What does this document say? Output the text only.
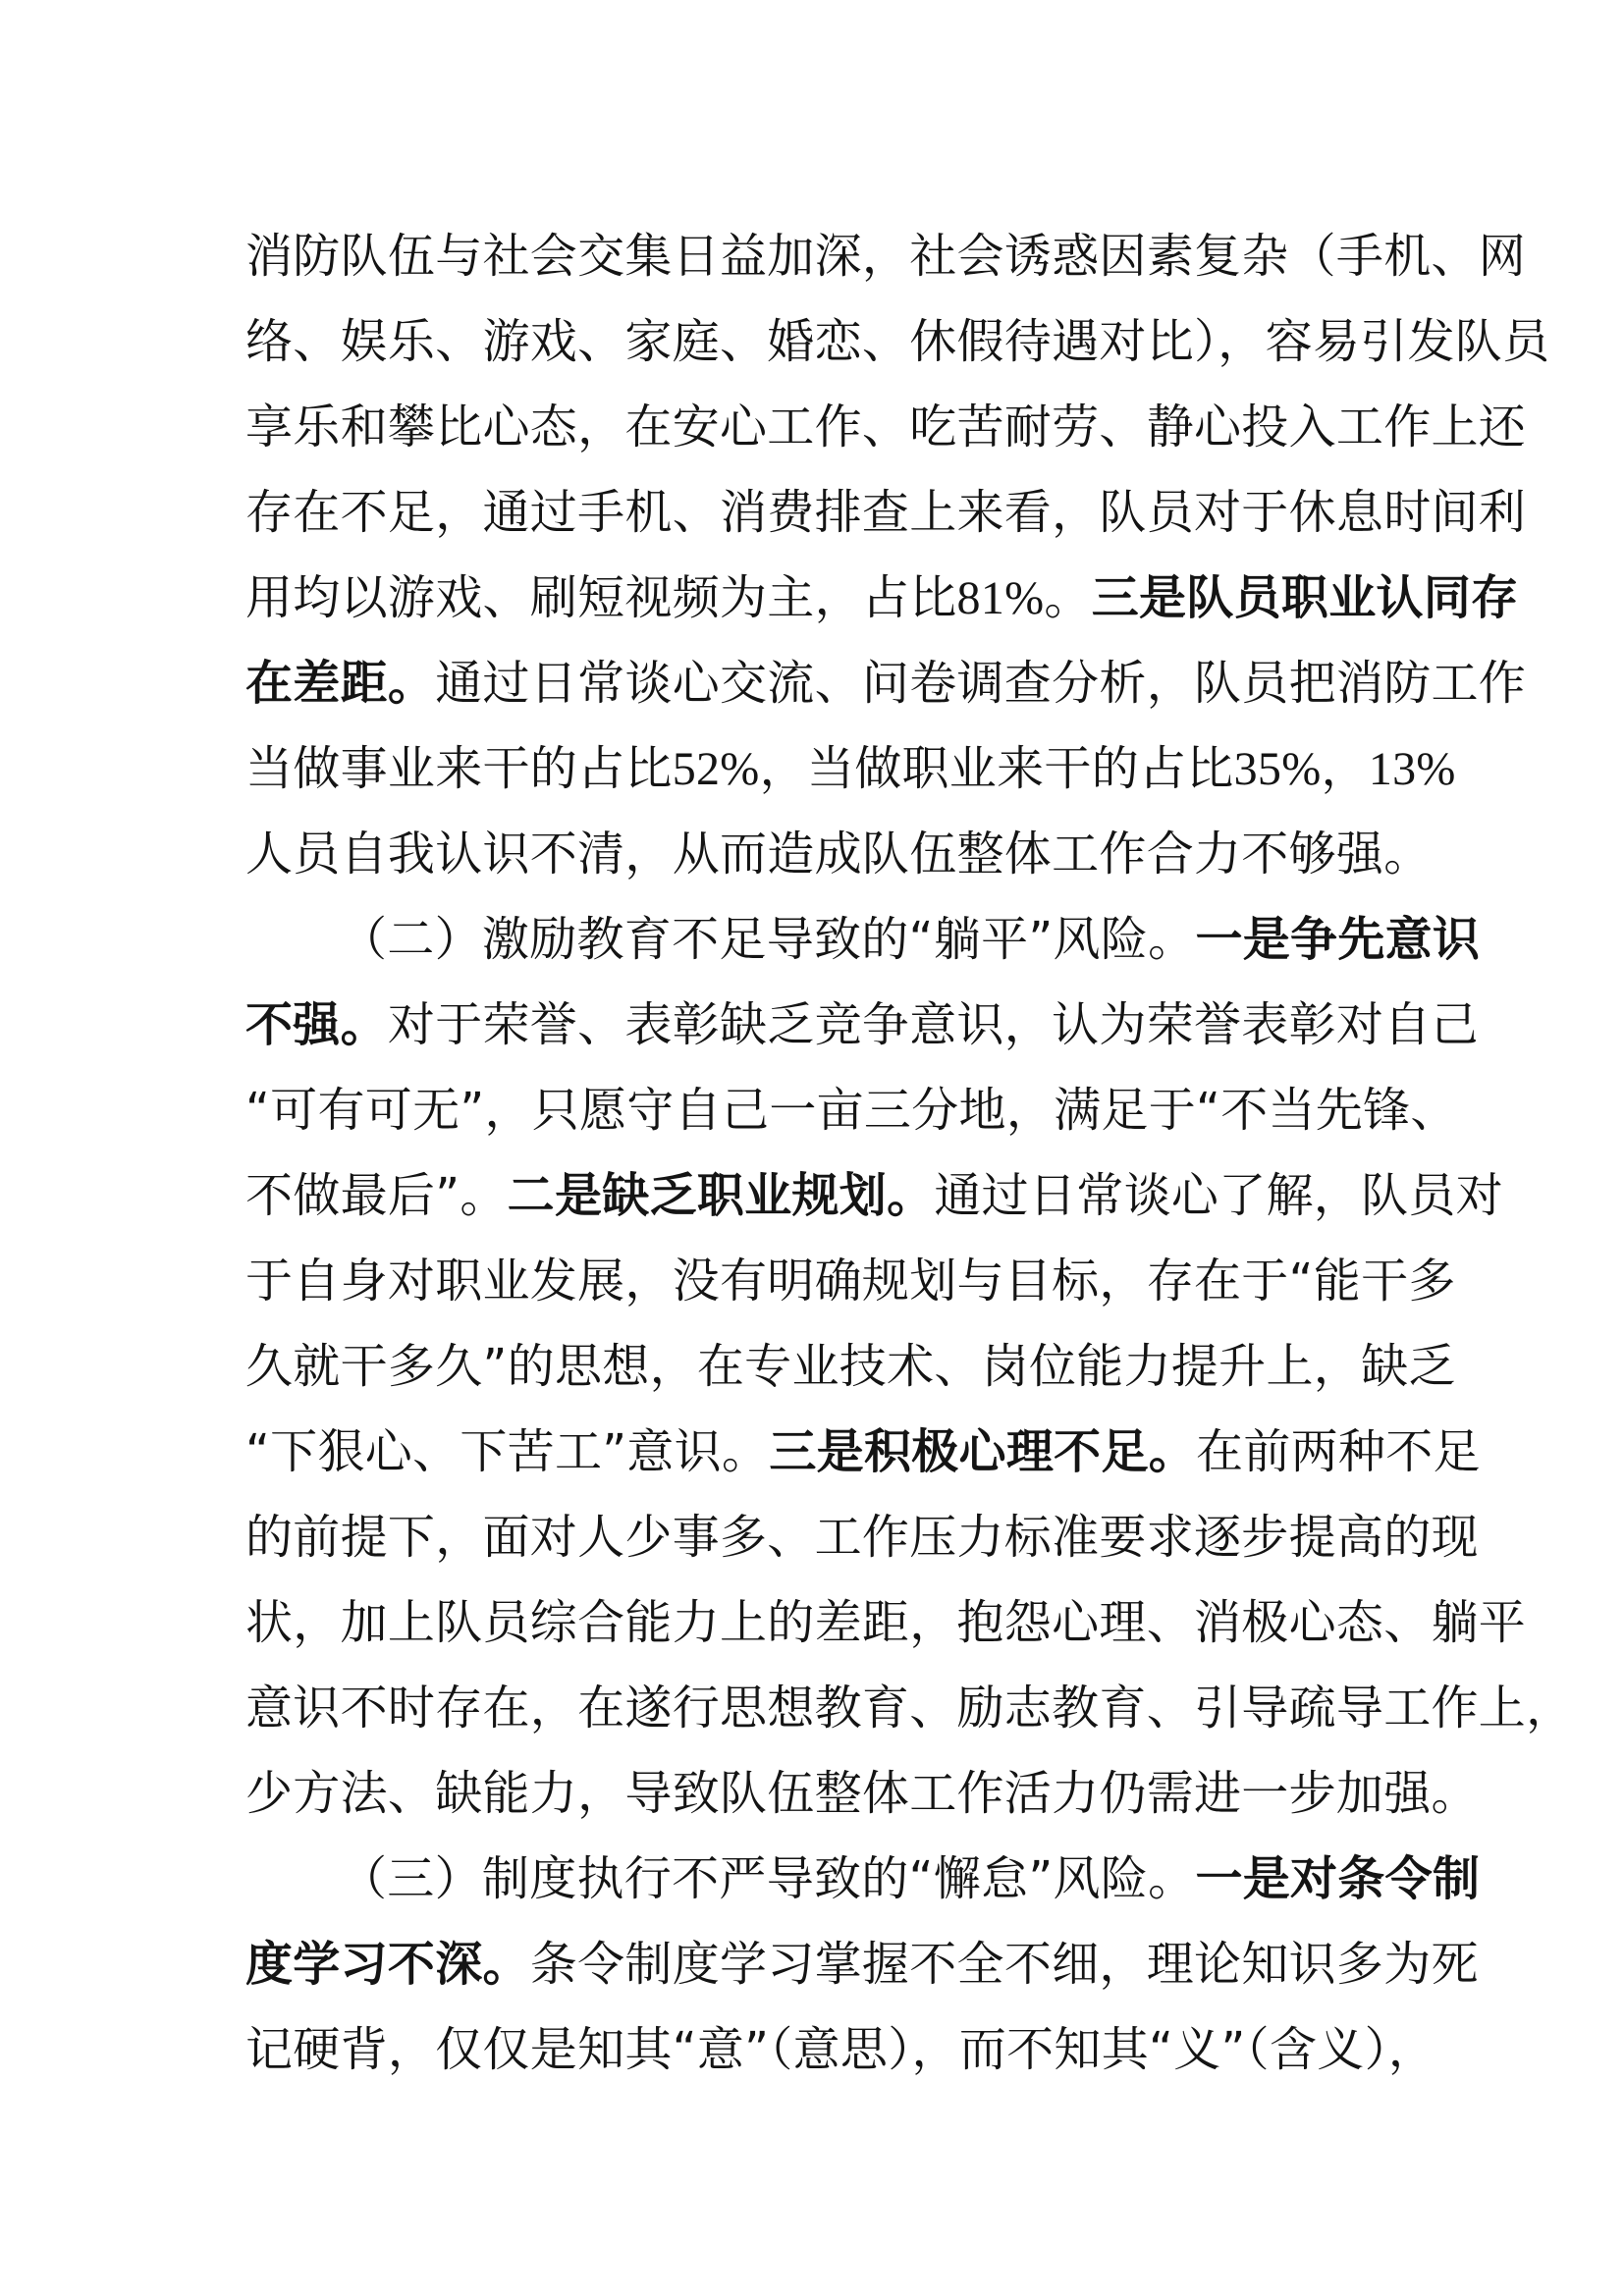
消防队伍与社会交集日益加深，社会诱惑因素复杂（手机、网
络、娱乐、游戏、家庭、婚恋、休假待遇对比），容易引发队员
享乐和攀比心态，在安心工作、吃苦耐劳、静心投入工作上还
存在不足，通过手机、消费排查上来看，队员对于休息时间利
用均以游戏、刷短视频为主，占比81%。三是队员职业认同存
在差距。通过日常谈心交流、问卷调查分析，队员把消防工作
当做事业来干的占比52%，当做职业来干的占比35%，13%
人员自我认识不清，从而造成队伍整体工作合力不够强。
（二）激励教育不足导致的“躺平”风险。一是争先意识
不强。对于荣誉、表彰缺乏竞争意识，认为荣誉表彰对自己
“可有可无”，只愿守自己一亩三分地，满足于“不当先锋、
不做最后”。二是缺乏职业规划。通过日常谈心了解，队员对
于自身对职业发展，没有明确规划与目标，存在于“能干多
久就干多久”的思想，在专业技术、岗位能力提升上，缺乏
“下狠心、下苦工”意识。三是积极心理不足。在前两种不足
的前提下，面对人少事多、工作压力标准要求逐步提高的现
状，加上队员综合能力上的差距，抱怨心理、消极心态、躺平
意识不时存在，在遂行思想教育、励志教育、引导疏导工作上，
少方法、缺能力，导致队伍整体工作活力仍需进一步加强。
（三）制度执行不严导致的“懈怠”风险。一是对条令制
度学习不深。条令制度学习掌握不全不细，理论知识多为死
记硬背，仅仅是知其“意”（意思），而不知其“义”（含义），
